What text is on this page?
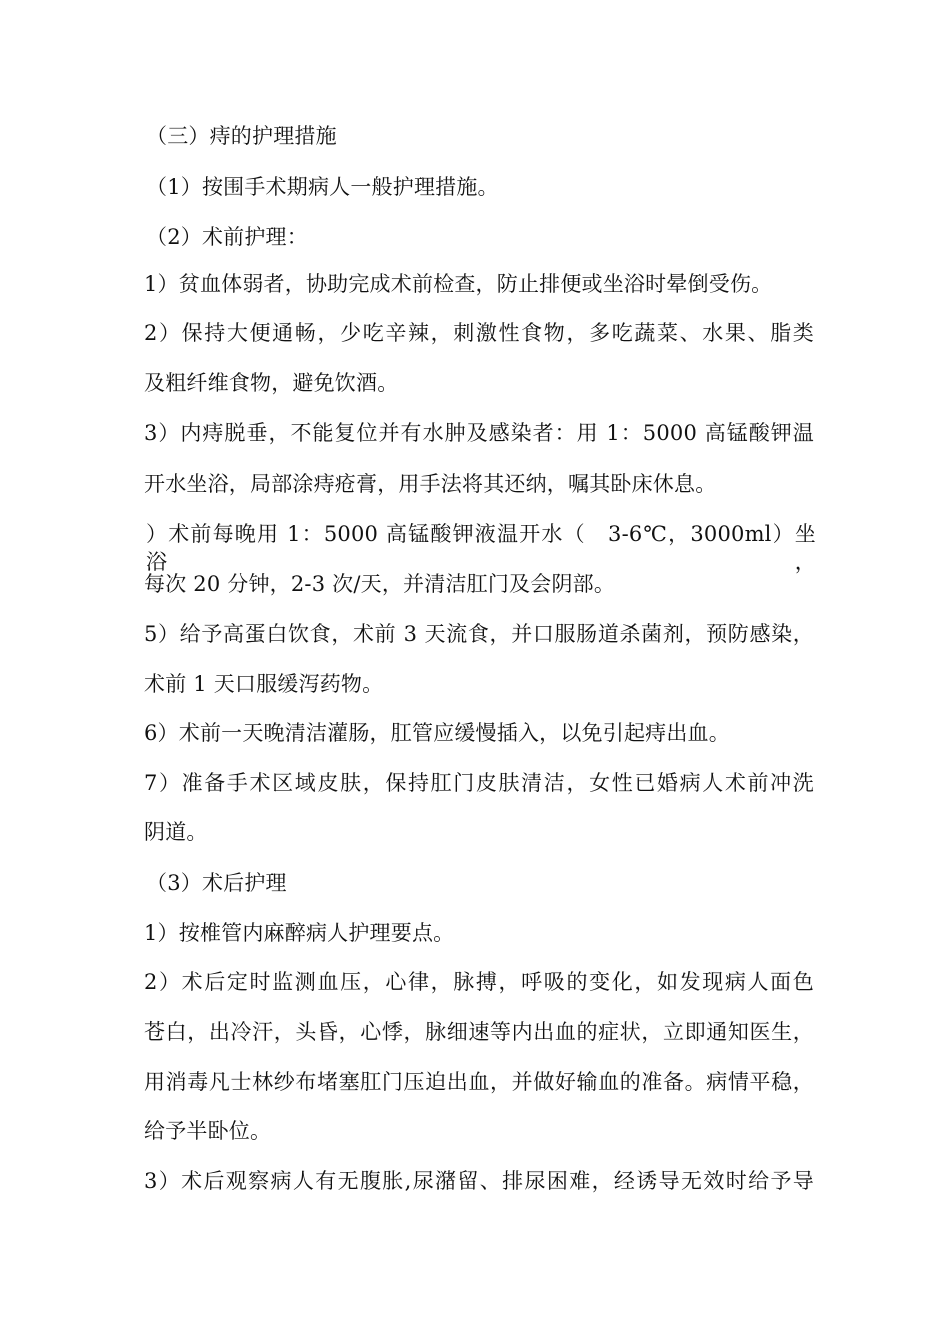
（三）痔的护理措施
（1）按围手术期病人一般护理措施。
（2）术前护理：
1）贫血体弱者，协助完成术前检查，防止排便或坐浴时晕倒受伤。
2）保持大便通畅，少吃辛辣，刺激性食物，多吃蔬菜、水果、脂类
及粗纤维食物，避免饮酒。
3）内痔脱垂，不能复位并有水肿及感染者：用 1：5000 高锰酸钾温
开水坐浴，局部涂痔疮膏，用手法将其还纳，嘱其卧床休息。
）术前每晚用 1：5000 高锰酸钾液温开水（　3-6℃，3000ml）坐浴，
每次 20 分钟，2-3 次/天，并清洁肛门及会阴部。
5）给予高蛋白饮食，术前 3 天流食，并口服肠道杀菌剂，预防感染，
术前 1 天口服缓泻药物。
6）术前一天晚清洁灌肠，肛管应缓慢插入，以免引起痔出血。
7）准备手术区域皮肤，保持肛门皮肤清洁，女性已婚病人术前冲洗
阴道。
（3）术后护理
1）按椎管内麻醉病人护理要点。
2）术后定时监测血压，心律，脉搏，呼吸的变化，如发现病人面色
苍白，出冷汗，头昏，心悸，脉细速等内出血的症状，立即通知医生，
用消毒凡士林纱布堵塞肛门压迫出血，并做好输血的准备。病情平稳，
给予半卧位。
3）术后观察病人有无腹胀,尿潴留、排尿困难，经诱导无效时给予导
